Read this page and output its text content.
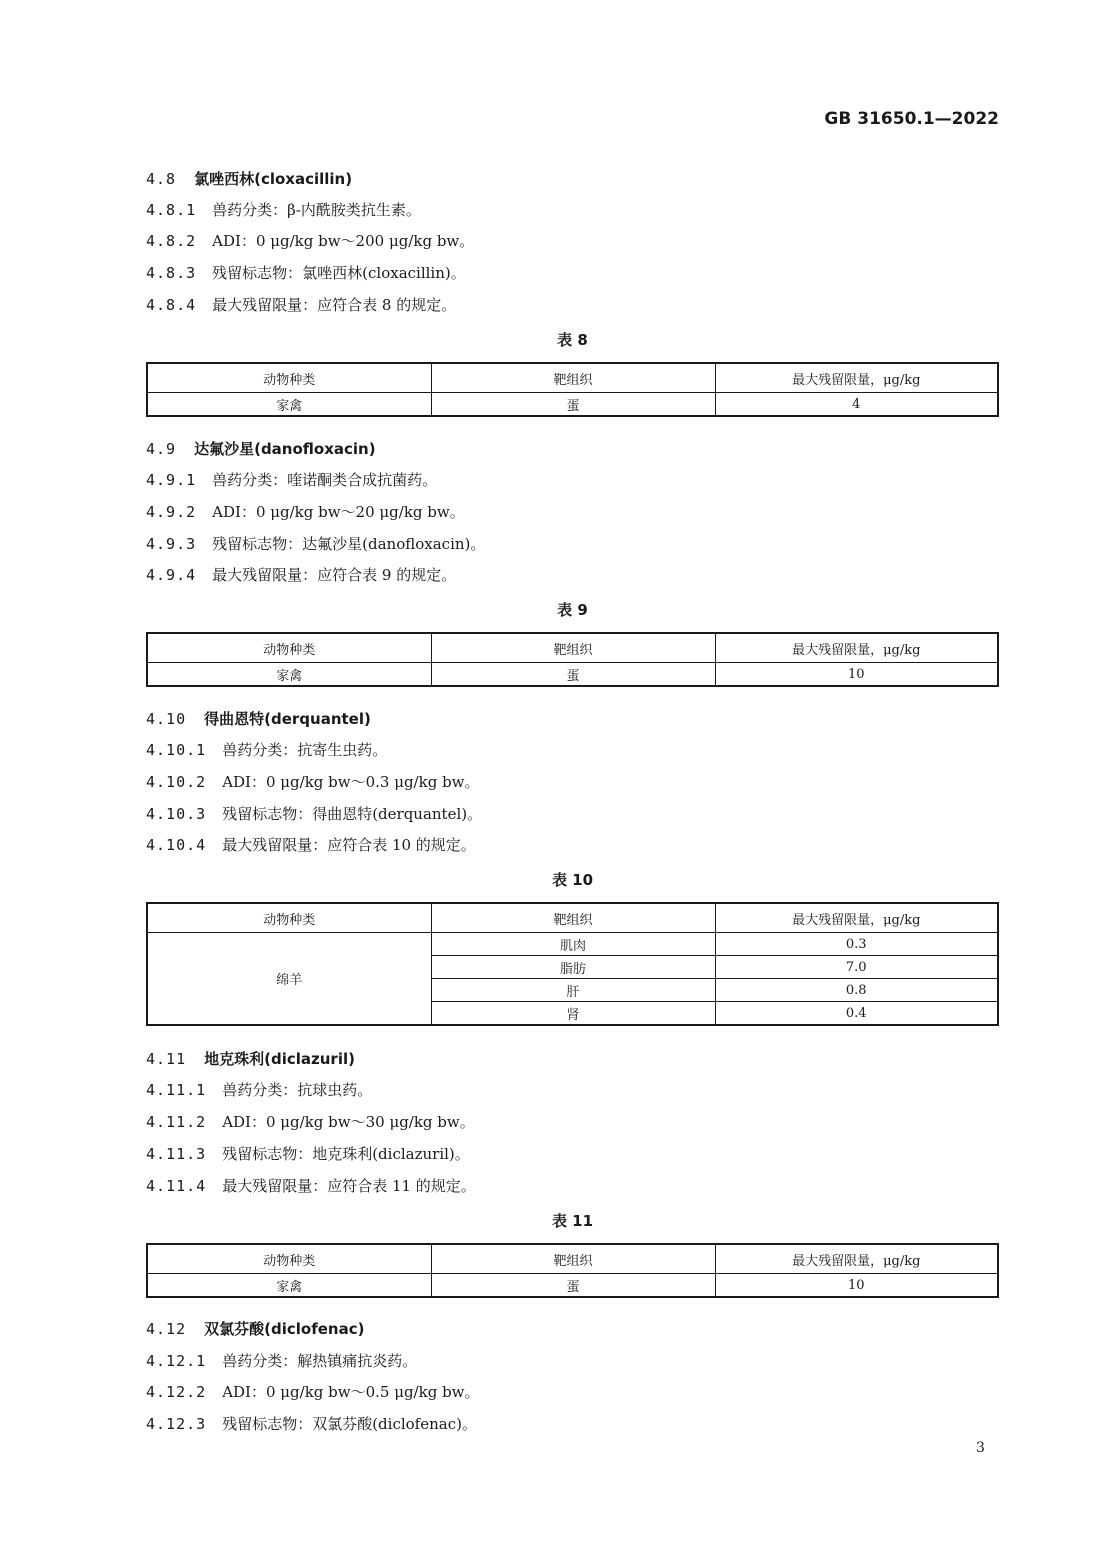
GB 31650.1—2022
4.8 氯唑西林(cloxacillin)
4.8.1 兽药分类：β-内酰胺类抗生素。
4.8.2 ADI：0 μg/kg bw～200 μg/kg bw。
4.8.3 残留标志物：氯唑西林(cloxacillin)。
4.8.4 最大残留限量：应符合表 8 的规定。
表 8
动物种类	靶组织	最大残留限量，μg/kg
家禽	蛋	4
4.9 达氟沙星(danofloxacin)
4.9.1 兽药分类：喹诺酮类合成抗菌药。
4.9.2 ADI：0 μg/kg bw～20 μg/kg bw。
4.9.3 残留标志物：达氟沙星(danofloxacin)。
4.9.4 最大残留限量：应符合表 9 的规定。
表 9
动物种类	靶组织	最大残留限量，μg/kg
家禽	蛋	10
4.10 得曲恩特(derquantel)
4.10.1 兽药分类：抗寄生虫药。
4.10.2 ADI：0 μg/kg bw～0.3 μg/kg bw。
4.10.3 残留标志物：得曲恩特(derquantel)。
4.10.4 最大残留限量：应符合表 10 的规定。
表 10
动物种类	靶组织	最大残留限量，μg/kg
绵羊	肌肉	0.3
	脂肪	7.0
	肝	0.8
	肾	0.4
4.11 地克珠利(diclazuril)
4.11.1 兽药分类：抗球虫药。
4.11.2 ADI：0 μg/kg bw～30 μg/kg bw。
4.11.3 残留标志物：地克珠利(diclazuril)。
4.11.4 最大残留限量：应符合表 11 的规定。
表 11
动物种类	靶组织	最大残留限量，μg/kg
家禽	蛋	10
4.12 双氯芬酸(diclofenac)
4.12.1 兽药分类：解热镇痛抗炎药。
4.12.2 ADI：0 μg/kg bw～0.5 μg/kg bw。
4.12.3 残留标志物：双氯芬酸(diclofenac)。
3
